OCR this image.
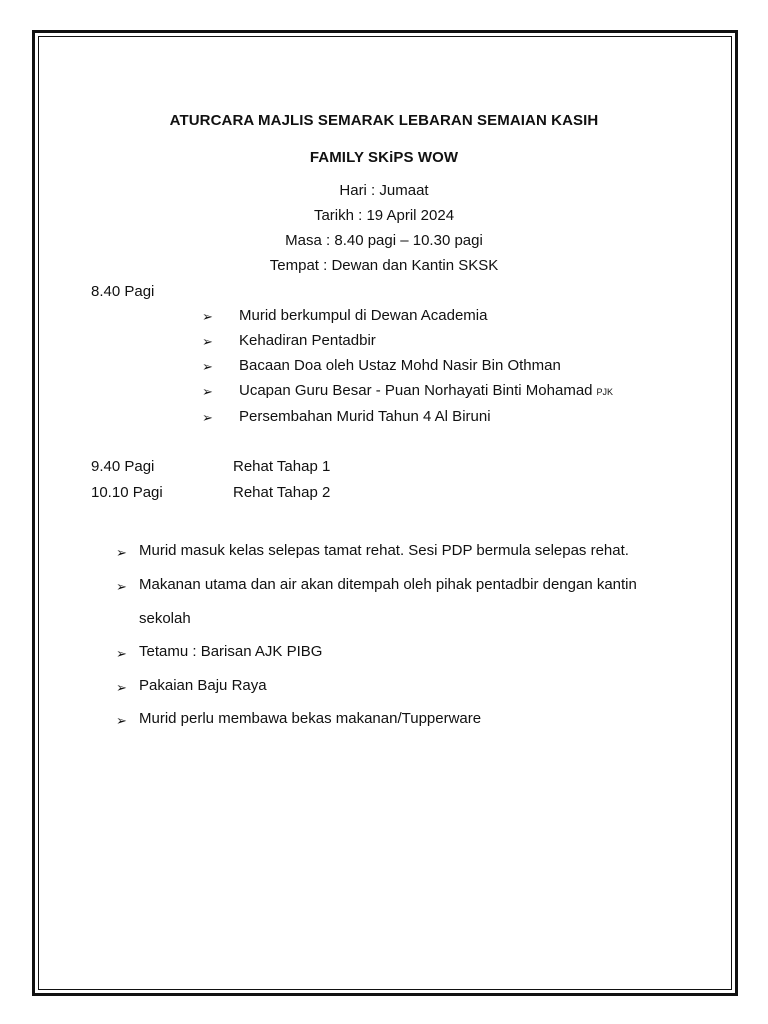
ATURCARA MAJLIS SEMARAK LEBARAN SEMAIAN KASIH
FAMILY SKiPS WOW
Hari : Jumaat
Tarikh : 19 April 2024
Masa : 8.40 pagi – 10.30 pagi
Tempat : Dewan dan Kantin SKSK
8.40 Pagi
➢ Murid berkumpul di Dewan Academia
➢ Kehadiran Pentadbir
➢ Bacaan Doa oleh Ustaz Mohd Nasir Bin Othman
➢ Ucapan Guru Besar - Puan Norhayati Binti Mohamad PJK
➢ Persembahan Murid Tahun 4 Al Biruni
9.40 Pagi	Rehat Tahap 1
10.10 Pagi	Rehat Tahap 2
➢ Murid masuk kelas selepas tamat rehat. Sesi PDP bermula selepas rehat.
➢ Makanan utama dan air akan ditempah oleh pihak pentadbir dengan kantin
sekolah
➢ Tetamu : Barisan AJK PIBG
➢ Pakaian Baju Raya
➢ Murid perlu membawa bekas makanan/Tupperware
